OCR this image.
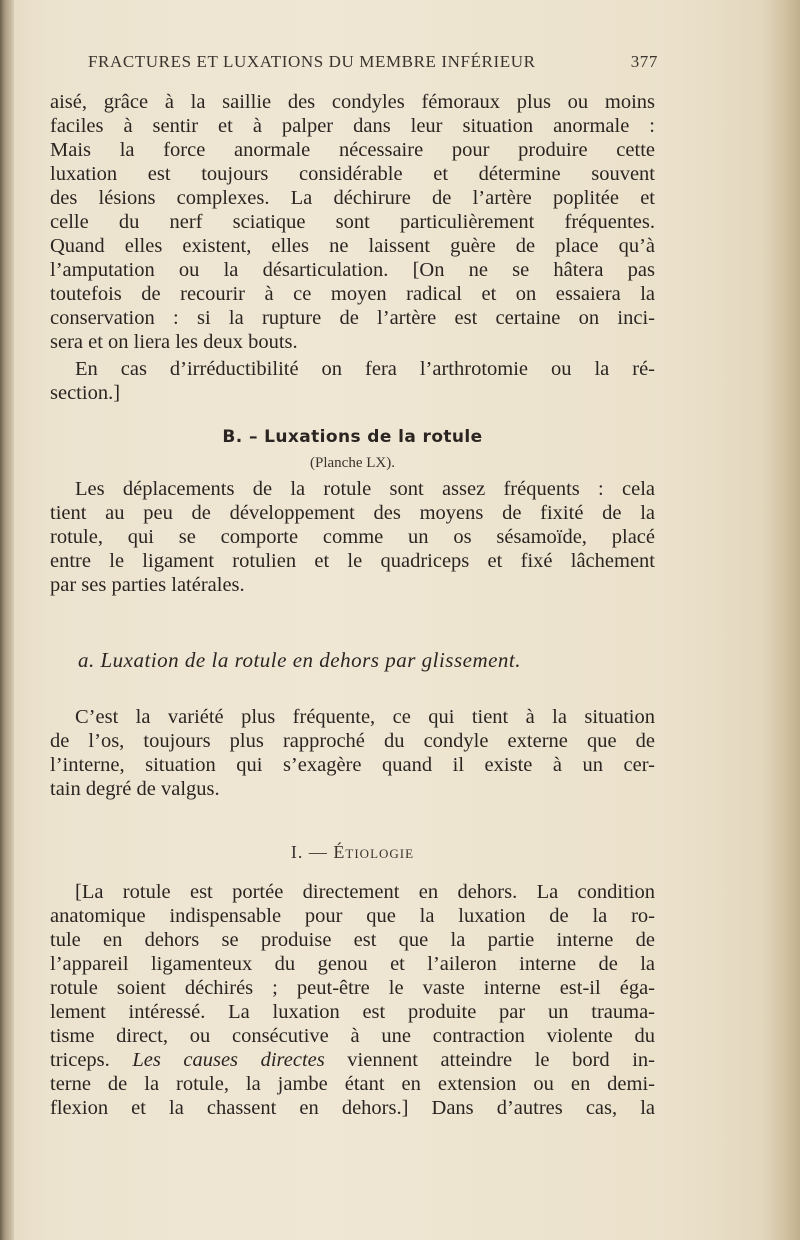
FRACTURES ET LUXATIONS DU MEMBRE INFÉRIEUR	377
aisé, grâce à la saillie des condyles fémoraux plus ou moins
faciles à sentir et à palper dans leur situation anormale :
Mais la force anormale nécessaire pour produire cette
luxation est toujours considérable et détermine souvent
des lésions complexes. La déchirure de l’artère poplitée et
celle du nerf sciatique sont particulièrement fréquentes.
Quand elles existent, elles ne laissent guère de place qu’à
l’amputation ou la désarticulation. [On ne se hâtera pas
toutefois de recourir à ce moyen radical et on essaiera la
conservation : si la rupture de l’artère est certaine on inci-
sera et on liera les deux bouts.
En cas d’irréductibilité on fera l’arthrotomie ou la ré-
section.]
B. – Luxations de la rotule
(Planche LX).
Les déplacements de la rotule sont assez fréquents : cela
tient au peu de développement des moyens de fixité de la
rotule, qui se comporte comme un os sésamoïde, placé
entre le ligament rotulien et le quadriceps et fixé lâchement
par ses parties latérales.
a. Luxation de la rotule en dehors par glissement.
C’est la variété plus fréquente, ce qui tient à la situation
de l’os, toujours plus rapproché du condyle externe que de
l’interne, situation qui s’exagère quand il existe à un cer-
tain degré de valgus.
I. — Étiologie
[La rotule est portée directement en dehors. La condition
anatomique indispensable pour que la luxation de la ro-
tule en dehors se produise est que la partie interne de
l’appareil ligamenteux du genou et l’aileron interne de la
rotule soient déchirés ; peut-être le vaste interne est-il éga-
lement intéressé. La luxation est produite par un trauma-
tisme direct, ou consécutive à une contraction violente du
triceps. Les causes directes viennent atteindre le bord in-
terne de la rotule, la jambe étant en extension ou en demi-
flexion et la chassent en dehors.] Dans d’autres cas, la
